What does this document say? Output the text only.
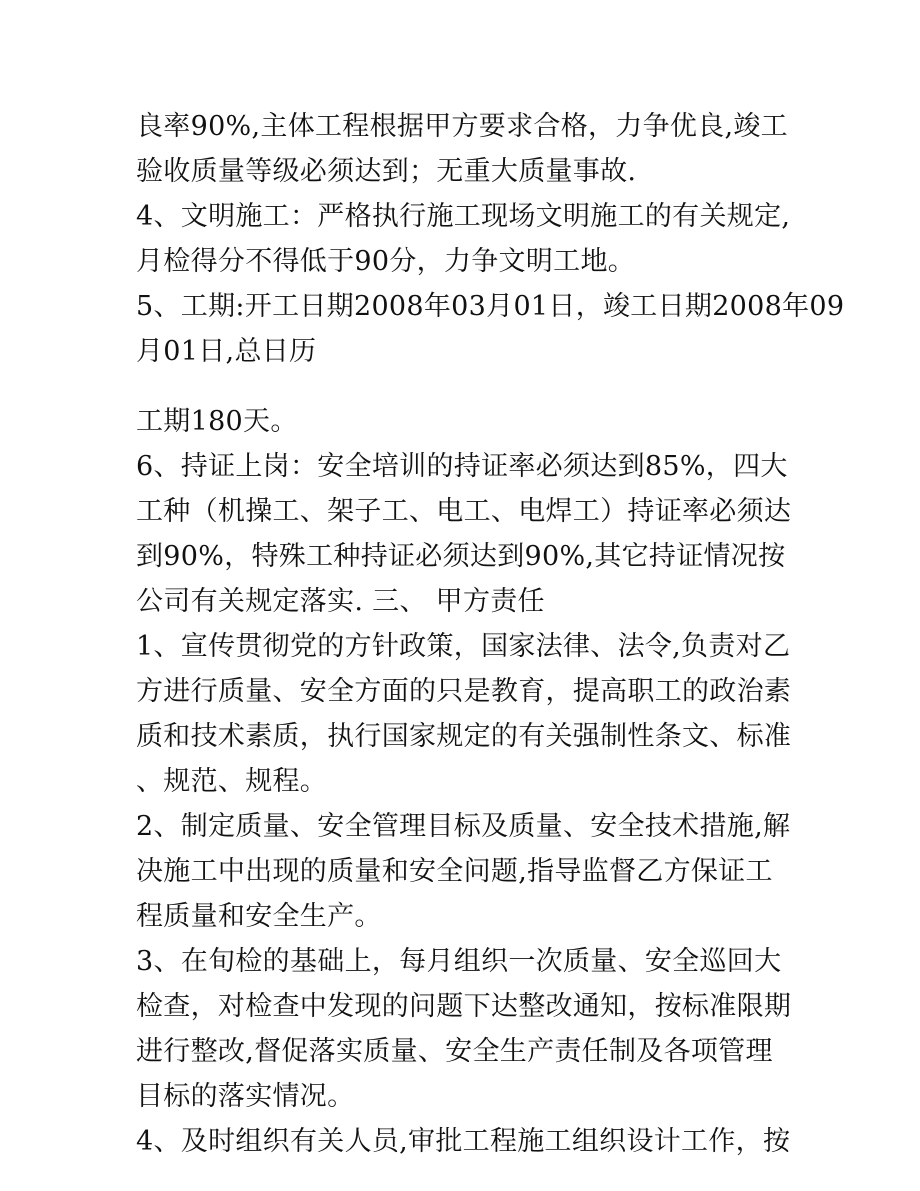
良率90%,主体工程根据甲方要求合格，力争优良,竣工
验收质量等级必须达到；无重大质量事故.
4、文明施工：严格执行施工现场文明施工的有关规定,
月检得分不得低于90分，力争文明工地。
5、工期:开工日期2008年03月01日，竣工日期2008年09
月01日,总日历
工期180天。
6、持证上岗：安全培训的持证率必须达到85%，四大
工种（机操工、架子工、电工、电焊工）持证率必须达
到90%，特殊工种持证必须达到90%,其它持证情况按
公司有关规定落实. 三、 甲方责任
1、宣传贯彻党的方针政策，国家法律、法令,负责对乙
方进行质量、安全方面的只是教育，提高职工的政治素
质和技术素质，执行国家规定的有关强制性条文、标准
、规范、规程。
2、制定质量、安全管理目标及质量、安全技术措施,解
决施工中出现的质量和安全问题,指导监督乙方保证工
程质量和安全生产。
3、在旬检的基础上，每月组织一次质量、安全巡回大
检查，对检查中发现的问题下达整改通知，按标准限期
进行整改,督促落实质量、安全生产责任制及各项管理
目标的落实情况。
4、及时组织有关人员,审批工程施工组织设计工作，按
